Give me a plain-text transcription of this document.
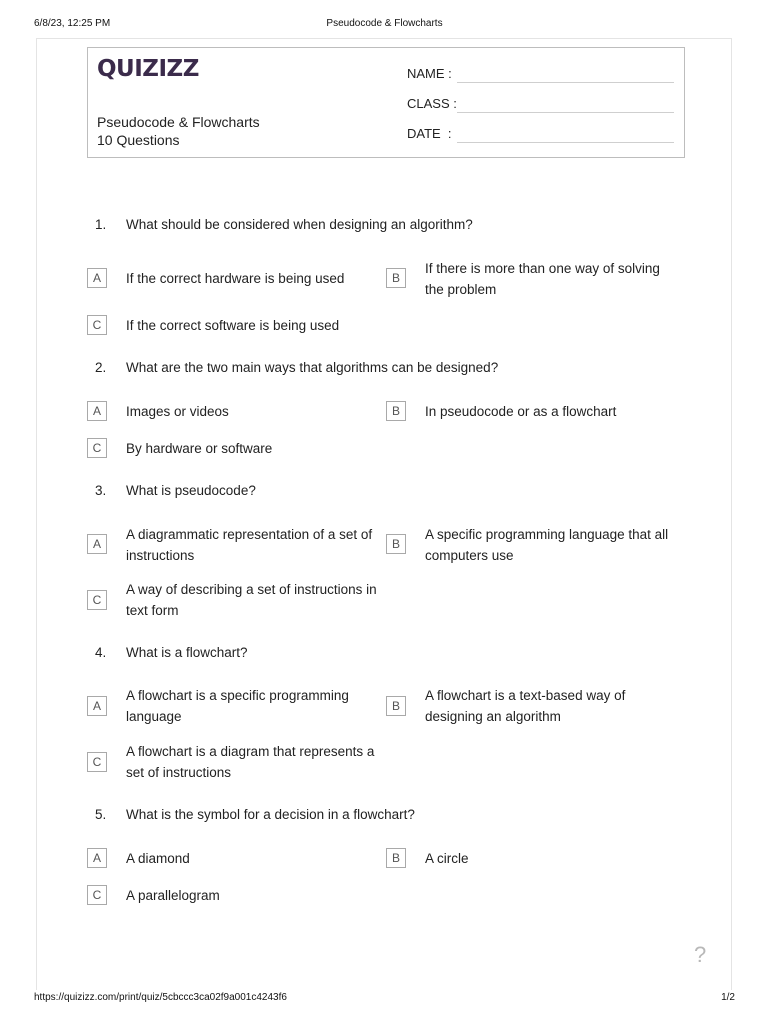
6/8/23, 12:25 PM	Pseudocode & Flowcharts
QUIZIZZ
Pseudocode & Flowcharts
10 Questions
NAME :
CLASS :
DATE  :
1. What should be considered when designing an algorithm?
A	If the correct hardware is being used	B
If there is more than one way of solving the problem
C	If the correct software is being used
2. What are the two main ways that algorithms can be designed?
A	Images or videos	B	In pseudocode or as a flowchart
C	By hardware or software
3. What is pseudocode?
A
A diagrammatic representation of a set of instructions
B
A specific programming language that all computers use
C
A way of describing a set of instructions in text form
4. What is a flowchart?
A
A flowchart is a specific programming language
B
A flowchart is a text-based way of designing an algorithm
C
A flowchart is a diagram that represents a set of instructions
5. What is the symbol for a decision in a flowchart?
A	A diamond	B	A circle
C	A parallelogram
?
https://quizizz.com/print/quiz/5cbccc3ca02f9a001c4243f6	1/2
